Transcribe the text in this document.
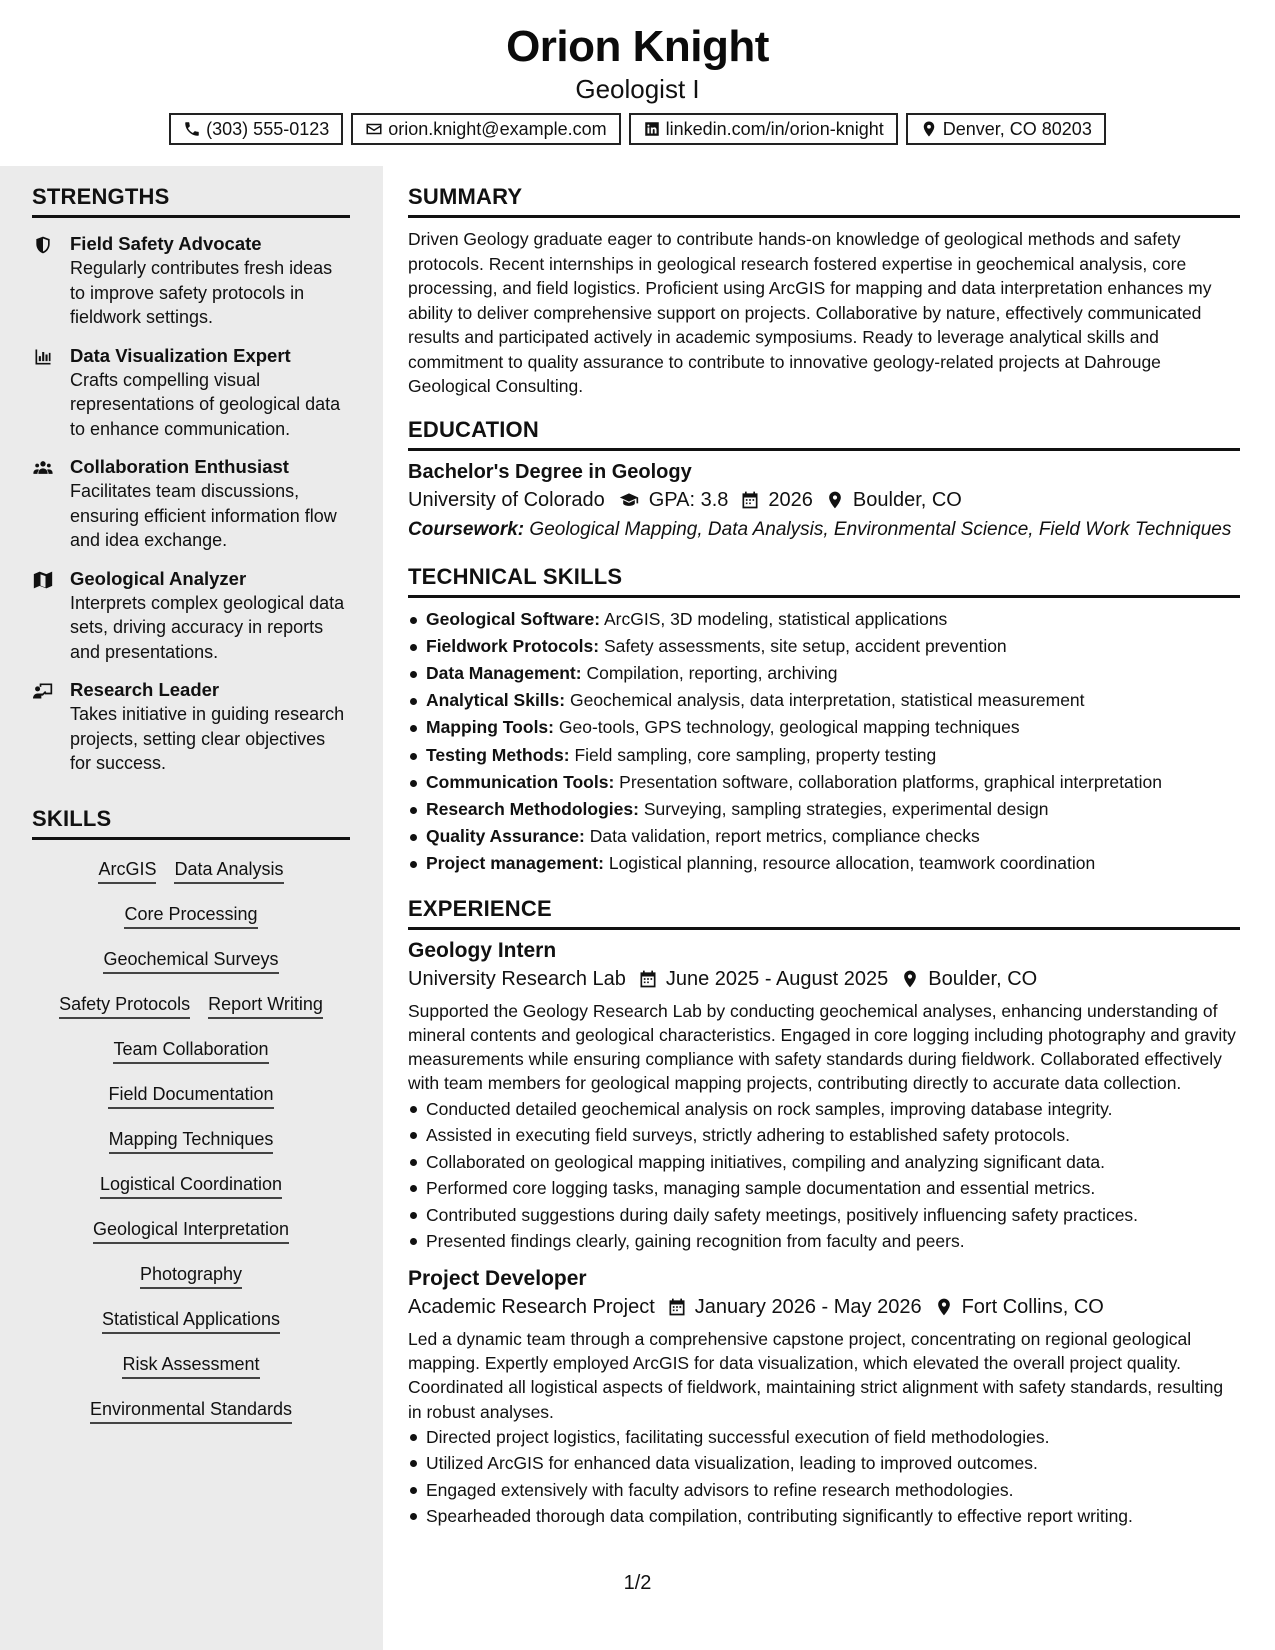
Orion Knight
Geologist I
(303) 555-0123	orion.knight@example.com	linkedin.com/in/orion-knight	Denver, CO 80203
STRENGTHS
Field Safety Advocate
Regularly contributes fresh ideas to improve safety protocols in fieldwork settings.
Data Visualization Expert
Crafts compelling visual representations of geological data to enhance communication.
Collaboration Enthusiast
Facilitates team discussions, ensuring efficient information flow and idea exchange.
Geological Analyzer
Interprets complex geological data sets, driving accuracy in reports and presentations.
Research Leader
Takes initiative in guiding research projects, setting clear objectives for success.
SKILLS
ArcGIS Data Analysis
Core Processing
Geochemical Surveys
Safety Protocols Report Writing
Team Collaboration
Field Documentation
Mapping Techniques
Logistical Coordination
Geological Interpretation
Photography
Statistical Applications
Risk Assessment
Environmental Standards
SUMMARY
Driven Geology graduate eager to contribute hands-on knowledge of geological methods and safety protocols. Recent internships in geological research fostered expertise in geochemical analysis, core processing, and field logistics. Proficient using ArcGIS for mapping and data interpretation enhances my ability to deliver comprehensive support on projects. Collaborative by nature, effectively communicated results and participated actively in academic symposiums. Ready to leverage analytical skills and commitment to quality assurance to contribute to innovative geology-related projects at Dahrouge Geological Consulting.
EDUCATION
Bachelor's Degree in Geology
University of Colorado GPA: 3.8 2026 Boulder, CO
Coursework: Geological Mapping, Data Analysis, Environmental Science, Field Work Techniques
TECHNICAL SKILLS
Geological Software: ArcGIS, 3D modeling, statistical applications
Fieldwork Protocols: Safety assessments, site setup, accident prevention
Data Management: Compilation, reporting, archiving
Analytical Skills: Geochemical analysis, data interpretation, statistical measurement
Mapping Tools: Geo-tools, GPS technology, geological mapping techniques
Testing Methods: Field sampling, core sampling, property testing
Communication Tools: Presentation software, collaboration platforms, graphical interpretation
Research Methodologies: Surveying, sampling strategies, experimental design
Quality Assurance: Data validation, report metrics, compliance checks
Project management: Logistical planning, resource allocation, teamwork coordination
EXPERIENCE
Geology Intern
University Research Lab June 2025 - August 2025 Boulder, CO
Supported the Geology Research Lab by conducting geochemical analyses, enhancing understanding of mineral contents and geological characteristics. Engaged in core logging including photography and gravity measurements while ensuring compliance with safety standards during fieldwork. Collaborated effectively with team members for geological mapping projects, contributing directly to accurate data collection.
Conducted detailed geochemical analysis on rock samples, improving database integrity.
Assisted in executing field surveys, strictly adhering to established safety protocols.
Collaborated on geological mapping initiatives, compiling and analyzing significant data.
Performed core logging tasks, managing sample documentation and essential metrics.
Contributed suggestions during daily safety meetings, positively influencing safety practices.
Presented findings clearly, gaining recognition from faculty and peers.
Project Developer
Academic Research Project January 2026 - May 2026 Fort Collins, CO
Led a dynamic team through a comprehensive capstone project, concentrating on regional geological mapping. Expertly employed ArcGIS for data visualization, which elevated the overall project quality. Coordinated all logistical aspects of fieldwork, maintaining strict alignment with safety standards, resulting in robust analyses.
Directed project logistics, facilitating successful execution of field methodologies.
Utilized ArcGIS for enhanced data visualization, leading to improved outcomes.
Engaged extensively with faculty advisors to refine research methodologies.
Spearheaded thorough data compilation, contributing significantly to effective report writing.
1/2
